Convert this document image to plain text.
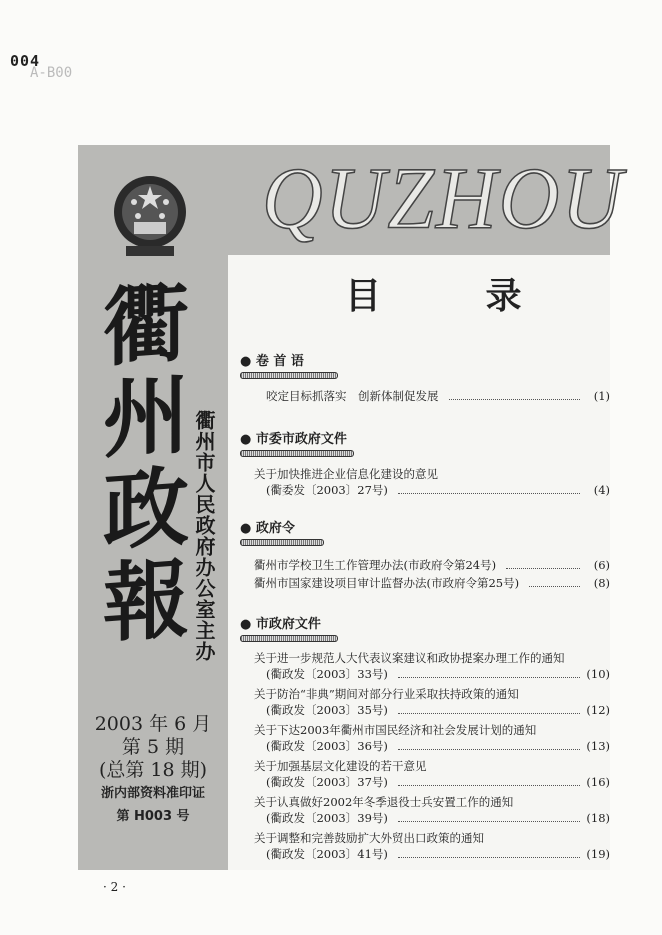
004
A-B00
QUZHOU
衢州政報 衢州市人民政府办公室主办
2003 年 6 月
第 5 期
(总第 18 期)
浙内部资料准印证
第 H003 号
目 录
● 卷 首 语
咬定目标抓落实　创新体制促发展	(1)
● 市委市政府文件
关于加快推进企业信息化建设的意见
(衢委发〔2003〕27号)	(4)
● 政府令
衢州市学校卫生工作管理办法(市政府令第24号)	(6)
衢州市国家建设项目审计监督办法(市政府令第25号)	(8)
● 市政府文件
关于进一步规范人大代表议案建议和政协提案办理工作的通知
(衢政发〔2003〕33号)	(10)
关于防治“非典”期间对部分行业采取扶持政策的通知
(衢政发〔2003〕35号)	(12)
关于下达2003年衢州市国民经济和社会发展计划的通知
(衢政发〔2003〕36号)	(13)
关于加强基层文化建设的若干意见
(衢政发〔2003〕37号)	(16)
关于认真做好2002年冬季退役士兵安置工作的通知
(衢政发〔2003〕39号)	(18)
关于调整和完善鼓励扩大外贸出口政策的通知
(衢政发〔2003〕41号)	(19)
· 2 ·
